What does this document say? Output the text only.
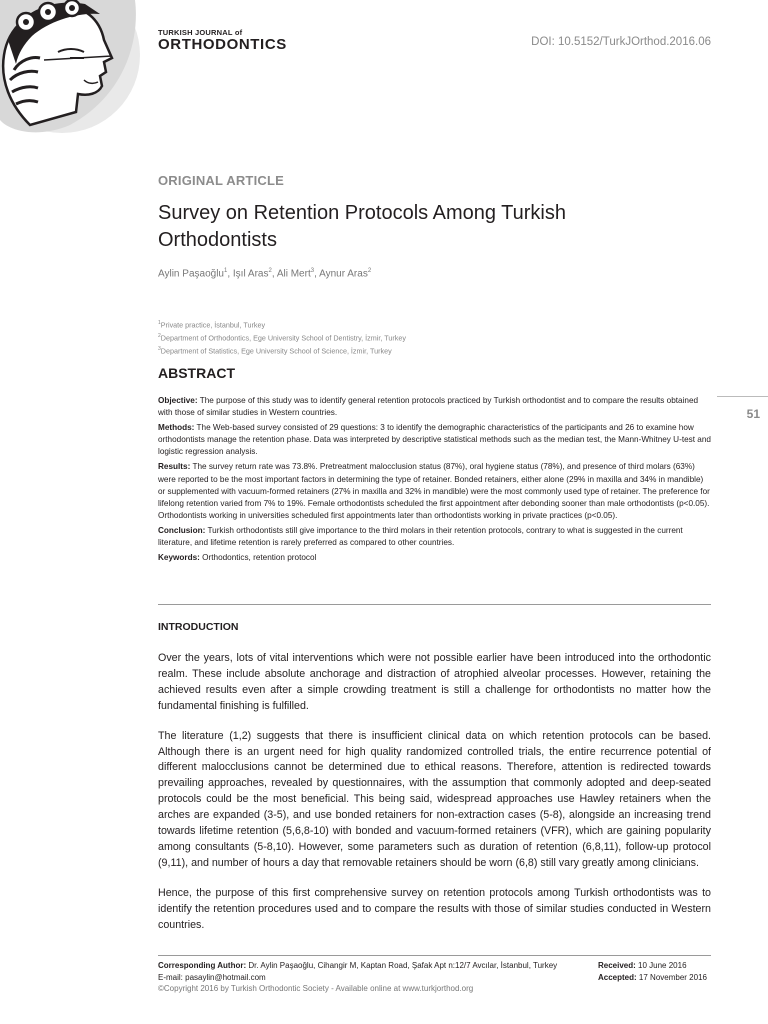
TURKISH JOURNAL of
ORTHODONTICS	DOI: 10.5152/TurkJOrthod.2016.06
ORIGINAL ARTICLE
Survey on Retention Protocols Among Turkish Orthodontists
Aylin Paşaoğlu$^1$, Işıl Aras$^2$, Ali Mert$^3$, Aynur Aras$^2$
$^1$Private practice, İstanbul, Turkey
$^2$Department of Orthodontics, Ege University School of Dentistry, İzmir, Turkey
$^3$Department of Statistics, Ege University School of Science, İzmir, Turkey
ABSTRACT
51

Objective: The purpose of this study was to identify general retention protocols practiced by Turkish orthodontist and to compare the results obtained with those of similar studies in Western countries.

Methods: The Web-based survey consisted of 29 questions: 3 to identify the demographic characteristics of the participants and 26 to examine how orthodontists manage the retention phase. Data was interpreted by descriptive statistical methods such as the median test, the Mann-Whitney U-test and logistic regression analysis.

Results: The survey return rate was 73.8%. Pretreatment malocclusion status (87%), oral hygiene status (78%), and presence of third molars (63%) were reported to be the most important factors in determining the type of retainer. Bonded retainers, either alone (29% in maxilla and 34% in mandible) or supplemented with vacuum-formed retainers (27% in maxilla and 32% in mandible) were the most commonly used type of retainer. The preference for lifelong retention varied from 7% to 19%. Female orthodontists scheduled the first appointment after debonding sooner than male orthodontists (p<0.05). Orthodontists working in universities scheduled first appointments later than orthodontists working in private practices (p<0.05).

Conclusion: Turkish orthodontists still give importance to the third molars in their retention protocols, contrary to what is suggested in the current literature, and lifetime retention is rarely preferred as compared to other countries.

Keywords: Orthodontics, retention protocol

INTRODUCTION

Over the years, lots of vital interventions which were not possible earlier have been introduced into the orthodontic realm. These include absolute anchorage and distraction of atrophied alveolar processes. However, retaining the achieved results even after a simple crowding treatment is still a challenge for orthodontists no matter how the fundamental finishing is fulfilled.

The literature (1,2) suggests that there is insufficient clinical data on which retention protocols can be based. Although there is an urgent need for high quality randomized controlled trials, the entire recurrence potential of different malocclusions cannot be determined due to ethical reasons. Therefore, attention is redirected towards prevailing approaches, revealed by questionnaires, with the assumption that commonly adopted and deep-seated protocols could be the most beneficial. This being said, widespread approaches use Hawley retainers when the arches are expanded (3-5), and use bonded retainers for non-extraction cases (5-8), alongside an increasing trend towards lifetime retention (5,6,8-10) with bonded and vacuum-formed retainers (VFR), which are gaining popularity among consultants (5-8,10). However, some parameters such as duration of retention (6,8,11), follow-up protocol (9,11), and number of hours a day that removable retainers should be worn (6,8) still vary greatly among clinicians.

Hence, the purpose of this first comprehensive survey on retention protocols among Turkish orthodontists was to identify the retention procedures used and to compare the results with those of similar studies conducted in Western countries.

Corresponding Author: Dr. Aylin Paşaoğlu, Cihangir M, Kaptan Road, Şafak Apt n:12/7 Avcılar, İstanbul, Turkey
E-mail: pasaylin@hotmail.com
©Copyright 2016 by Turkish Orthodontic Society - Available online at www.turkjorthod.org
Received: 10 June 2016
Accepted: 17 November 2016
